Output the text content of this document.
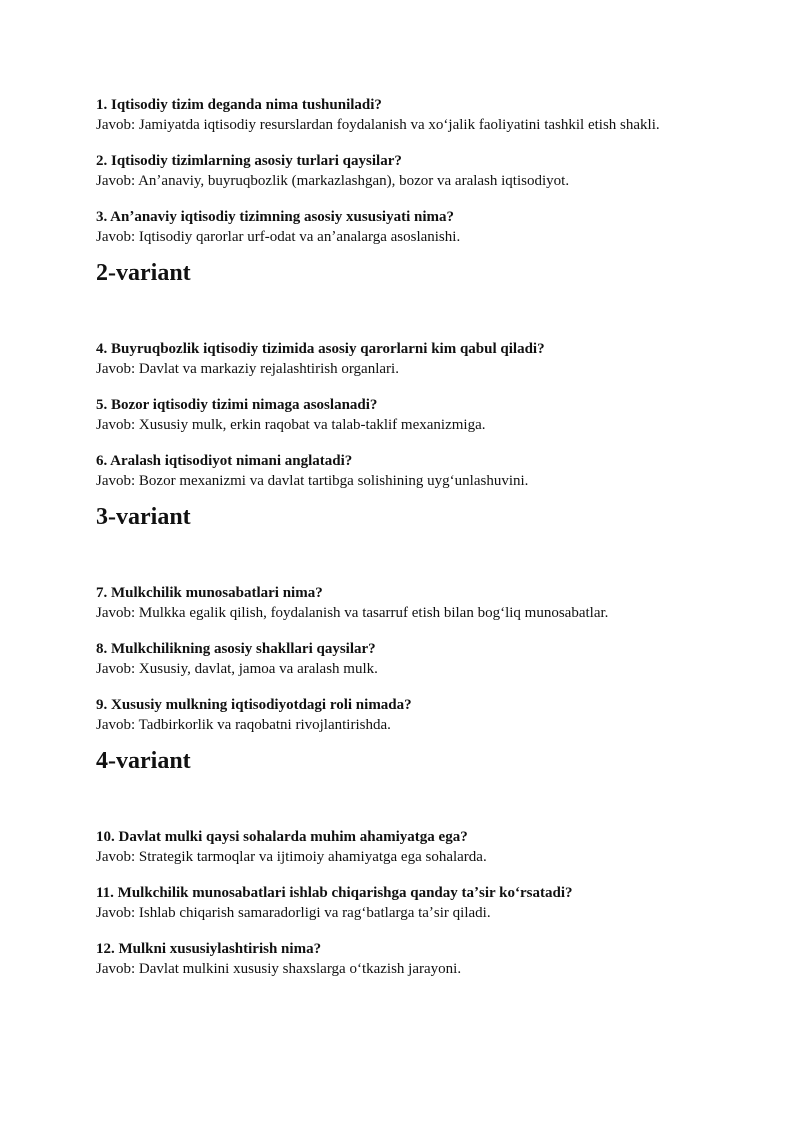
1. Iqtisodiy tizim deganda nima tushuniladi?

Javob: Jamiyatda iqtisodiy resurslardan foydalanish va xoʻjalik faoliyatini tashkil etish shakli.

2. Iqtisodiy tizimlarning asosiy turlari qaysilar?

Javob: Anʼanaviy, buyruqbozlik (markazlashgan), bozor va aralash iqtisodiyot.

3. Anʼanaviy iqtisodiy tizimning asosiy xususiyati nima?

Javob: Iqtisodiy qarorlar urf-odat va anʼanalarga asoslanishi.

2-variant

4. Buyruqbozlik iqtisodiy tizimida asosiy qarorlarni kim qabul qiladi?

Javob: Davlat va markaziy rejalashtirish organlari.

5. Bozor iqtisodiy tizimi nimaga asoslanadi?

Javob: Xususiy mulk, erkin raqobat va talab-taklif mexanizmiga.

6. Aralash iqtisodiyot nimani anglatadi?

Javob: Bozor mexanizmi va davlat tartibga solishining uygʻunlashuvini.

3-variant

7. Mulkchilik munosabatlari nima?

Javob: Mulkka egalik qilish, foydalanish va tasarruf etish bilan bogʻliq munosabatlar.

8. Mulkchilikning asosiy shakllari qaysilar?

Javob: Xususiy, davlat, jamoa va aralash mulk.

9. Xususiy mulkning iqtisodiyotdagi roli nimada?

Javob: Tadbirkorlik va raqobatni rivojlantirishda.

4-variant

10. Davlat mulki qaysi sohalarda muhim ahamiyatga ega?

Javob: Strategik tarmoqlar va ijtimoiy ahamiyatga ega sohalarda.

11. Mulkchilik munosabatlari ishlab chiqarishga qanday taʼsir koʻrsatadi?

Javob: Ishlab chiqarish samaradorligi va ragʻbatlarga taʼsir qiladi.

12. Mulkni xususiylashtirish nima?

Javob: Davlat mulkini xususiy shaxslarga oʻtkazish jarayoni.
